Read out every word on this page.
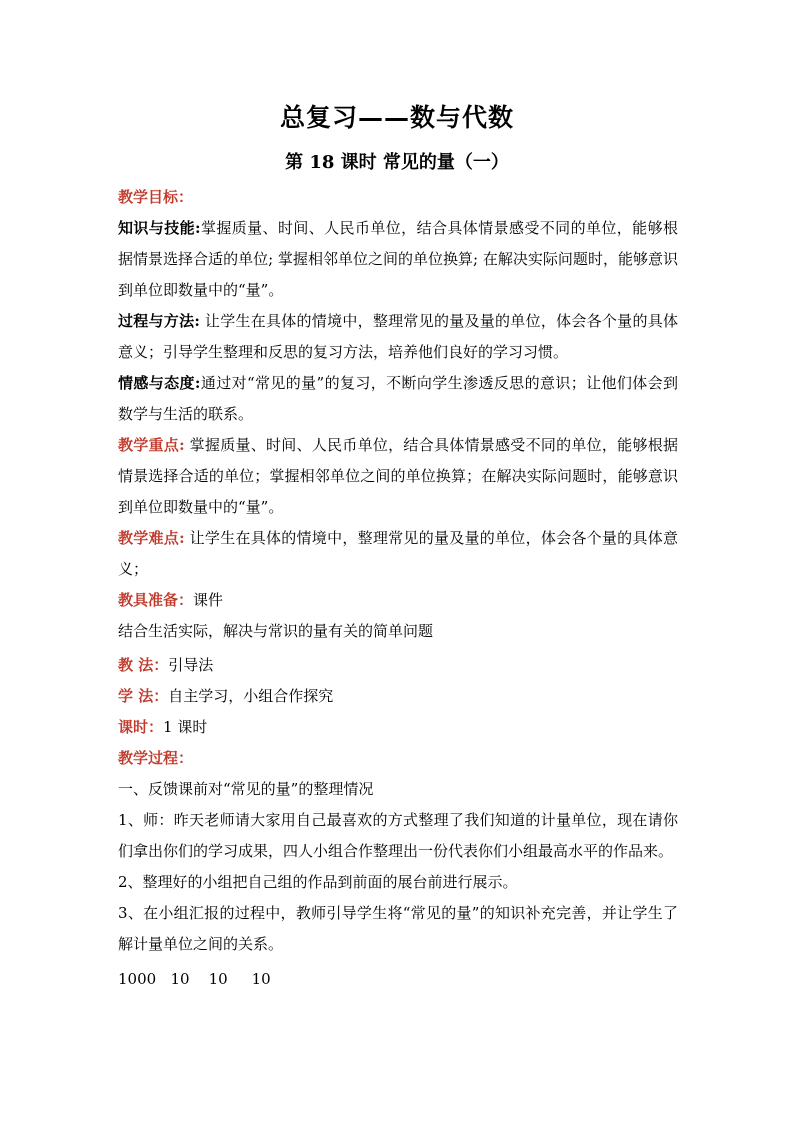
总复习——数与代数
第 18 课时 常见的量（一）

教学目标：

知识与技能:掌握质量、时间、人民币单位，结合具体情景感受不同的单位，能够根据情景选择合适的单位; 掌握相邻单位之间的单位换算; 在解决实际问题时，能够意识到单位即数量中的“量”。

过程与方法: 让学生在具体的情境中，整理常见的量及量的单位，体会各个量的具体意义；引导学生整理和反思的复习方法，培养他们良好的学习习惯。

情感与态度:通过对“常见的量”的复习，不断向学生渗透反思的意识；让他们体会到数学与生活的联系。

教学重点: 掌握质量、时间、人民币单位，结合具体情景感受不同的单位，能够根据情景选择合适的单位；掌握相邻单位之间的单位换算；在解决实际问题时，能够意识到单位即数量中的“量”。

教学难点: 让学生在具体的情境中，整理常见的量及量的单位，体会各个量的具体意义；

教具准备：课件

结合生活实际，解决与常识的量有关的简单问题

教 法：引导法

学 法：自主学习，小组合作探究

课时：1 课时

教学过程：

一、反馈课前对“常见的量”的整理情况

1、师：昨天老师请大家用自己最喜欢的方式整理了我们知道的计量单位，现在请你们拿出你们的学习成果，四人小组合作整理出一份代表你们小组最高水平的作品来。

2、整理好的小组把自己组的作品到前面的展台前进行展示。

3、在小组汇报的过程中，教师引导学生将“常见的量”的知识补充完善，并让学生了解计量单位之间的关系。

1000   10    10     10
